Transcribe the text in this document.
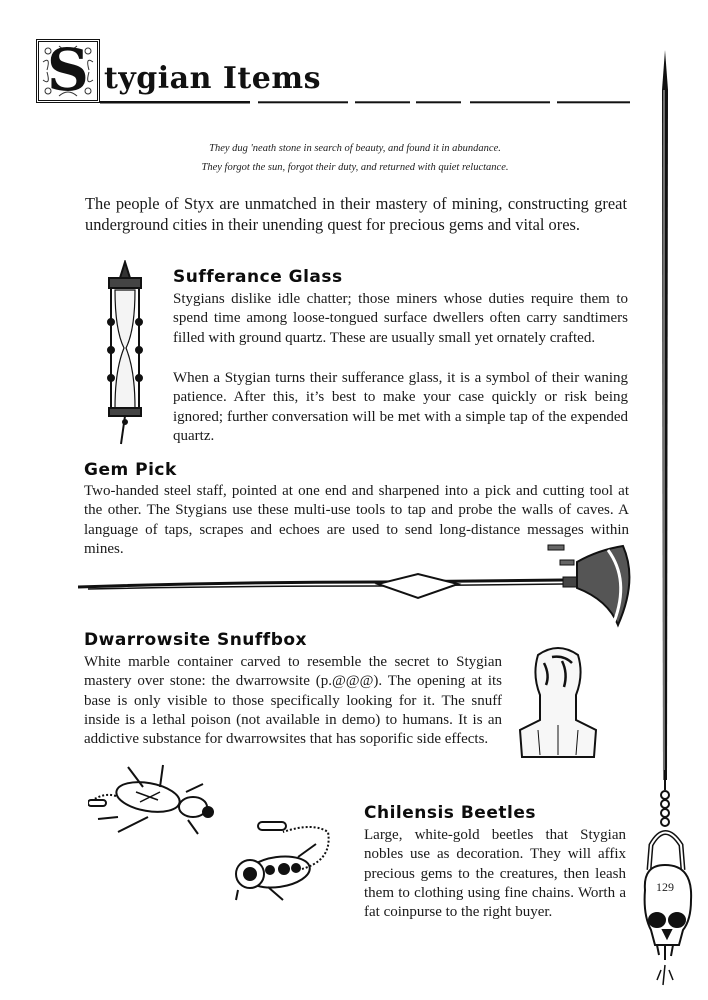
S tygian Items
They dug 'neath stone in search of beauty, and found it in abundance.
They forgot the sun, forgot their duty, and returned with quiet reluctance.
The people of Styx are unmatched in their mastery of mining, constructing great underground cities in their unending quest for precious gems and vital ores.
Sufferance Glass
Stygians dislike idle chatter; those miners whose duties require them to spend time among loose-tongued surface dwellers often carry sandtimers filled with ground quartz. These are usually small yet ornately crafted.
When a Stygian turns their sufferance glass, it is a symbol of their waning patience. After this, it’s best to make your case quickly or risk being ignored; further conversation will be met with a simple tap of the expended quartz.
Gem Pick
Two-handed steel staff, pointed at one end and sharpened into a pick and cutting tool at the other. The Stygians use these multi-use tools to tap and probe the walls of caves. A language of taps, scrapes and echoes are used to send long-distance messages within mines.
Dwarrowsite Snuffbox
White marble container carved to resemble the secret to Stygian mastery over stone: the dwarrowsite (p.@@@). The opening at its base is only visible to those specifically looking for it. The snuff inside is a lethal poison (not available in demo) to humans. It is an addictive substance for dwarrowsites that has soporific side effects.
Chilensis Beetles
Large, white-gold beetles that Stygian nobles use as decoration. They will affix precious gems to the creatures, then leash them to clothing using fine chains. Worth a fat coinpurse to the right buyer.
129
